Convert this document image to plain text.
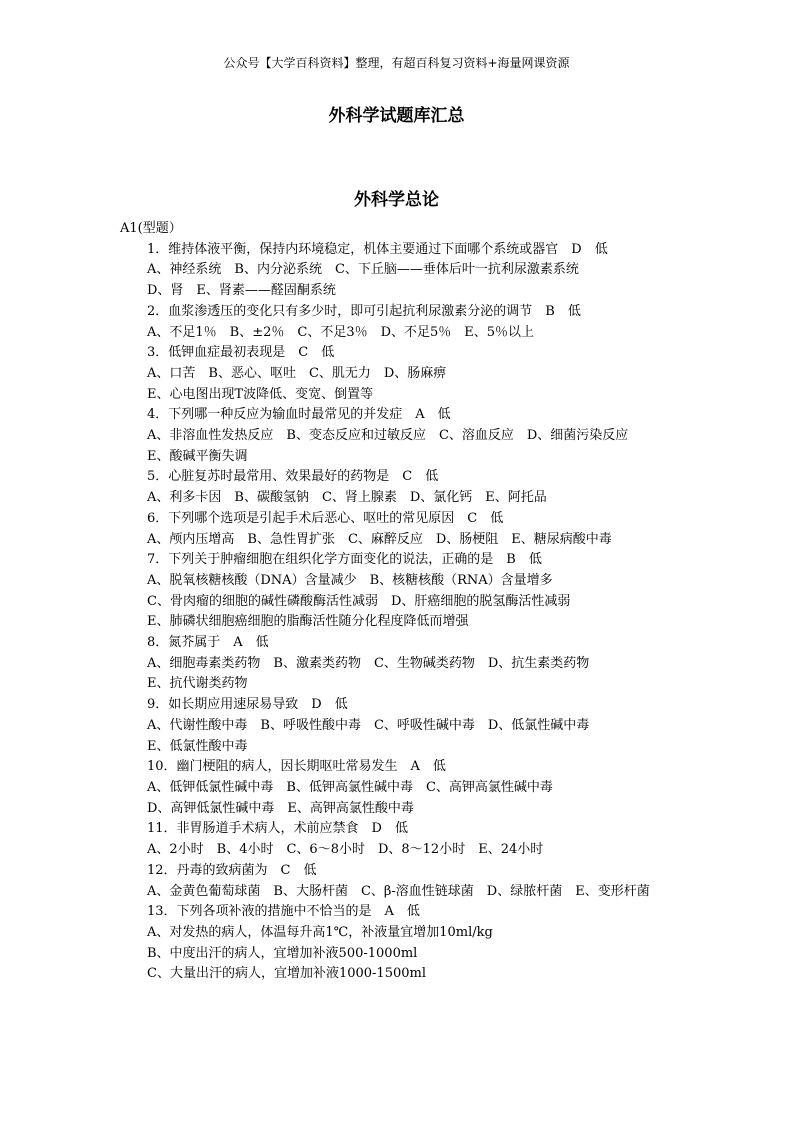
公众号【大学百科资料】整理，有超百科复习资料+海量网课资源
外科学试题库汇总
外科学总论
A1(型题）
1．维持体液平衡，保持内环境稳定，机体主要通过下面哪个系统或器官　D　低
A、神经系统　B、内分泌系统　C、下丘脑——垂体后叶一抗利尿激素系统
D、肾　E、肾素——醛固酮系统
2．血浆渗透压的变化只有多少时，即可引起抗利尿激素分泌的调节　B　低
A、不足1％　B、±2％　C、不足3％　D、不足5％　E、5％以上
3．低钾血症最初表现是　C　低
A、口苦　B、恶心、呕吐　C、肌无力　D、肠麻痹
E、心电图出现T波降低、变宽、倒置等
4．下列哪一种反应为输血时最常见的并发症　A　低
A、非溶血性发热反应　B、变态反应和过敏反应　C、溶血反应　D、细菌污染反应
E、酸碱平衡失调
5．心脏复苏时最常用、效果最好的药物是　C　低
A、利多卡因　B、碳酸氢钠　C、肾上腺素　D、氯化钙　E、阿托品
6．下列哪个选项是引起手术后恶心、呕吐的常见原因　C　低
A、颅内压增高　B、急性胃扩张　C、麻醉反应　D、肠梗阻　E、糖尿病酸中毒
7．下列关于肿瘤细胞在组织化学方面变化的说法，正确的是　B　低
A、脱氧核糖核酸（DNA）含量减少　B、核糖核酸（RNA）含量增多
C、骨肉瘤的细胞的碱性磷酸酶活性减弱　D、肝癌细胞的脱氢酶活性减弱
E、肺磷状细胞癌细胞的脂酶活性随分化程度降低而增强
8．氮芥属于　A　低
A、细胞毒素类药物　B、激素类药物　C、生物碱类药物　D、抗生素类药物
E、抗代谢类药物
9．如长期应用速尿易导致　D　低
A、代谢性酸中毒　B、呼吸性酸中毒　C、呼吸性碱中毒　D、低氯性碱中毒
E、低氯性酸中毒
10．幽门梗阻的病人，因长期呕吐常易发生　A　低
A、低钾低氯性碱中毒　B、低钾高氯性碱中毒　C、高钾高氯性碱中毒
D、高钾低氯性碱中毒　E、高钾高氯性酸中毒
11．非胃肠道手术病人，术前应禁食　D　低
A、2小时　B、4小时　C、6～8小时　D、8～12小时　E、24小时
12．丹毒的致病菌为　C　低
A、金黄色葡萄球菌　B、大肠杆菌　C、β-溶血性链球菌　D、绿脓杆菌　E、变形杆菌
13．下列各项补液的措施中不恰当的是　A　低
A、对发热的病人，体温每升高1℃，补液量宜增加10ml/kg
B、中度出汗的病人，宜增加补液500-1000ml
C、大量出汗的病人，宜增加补液1000-1500ml
